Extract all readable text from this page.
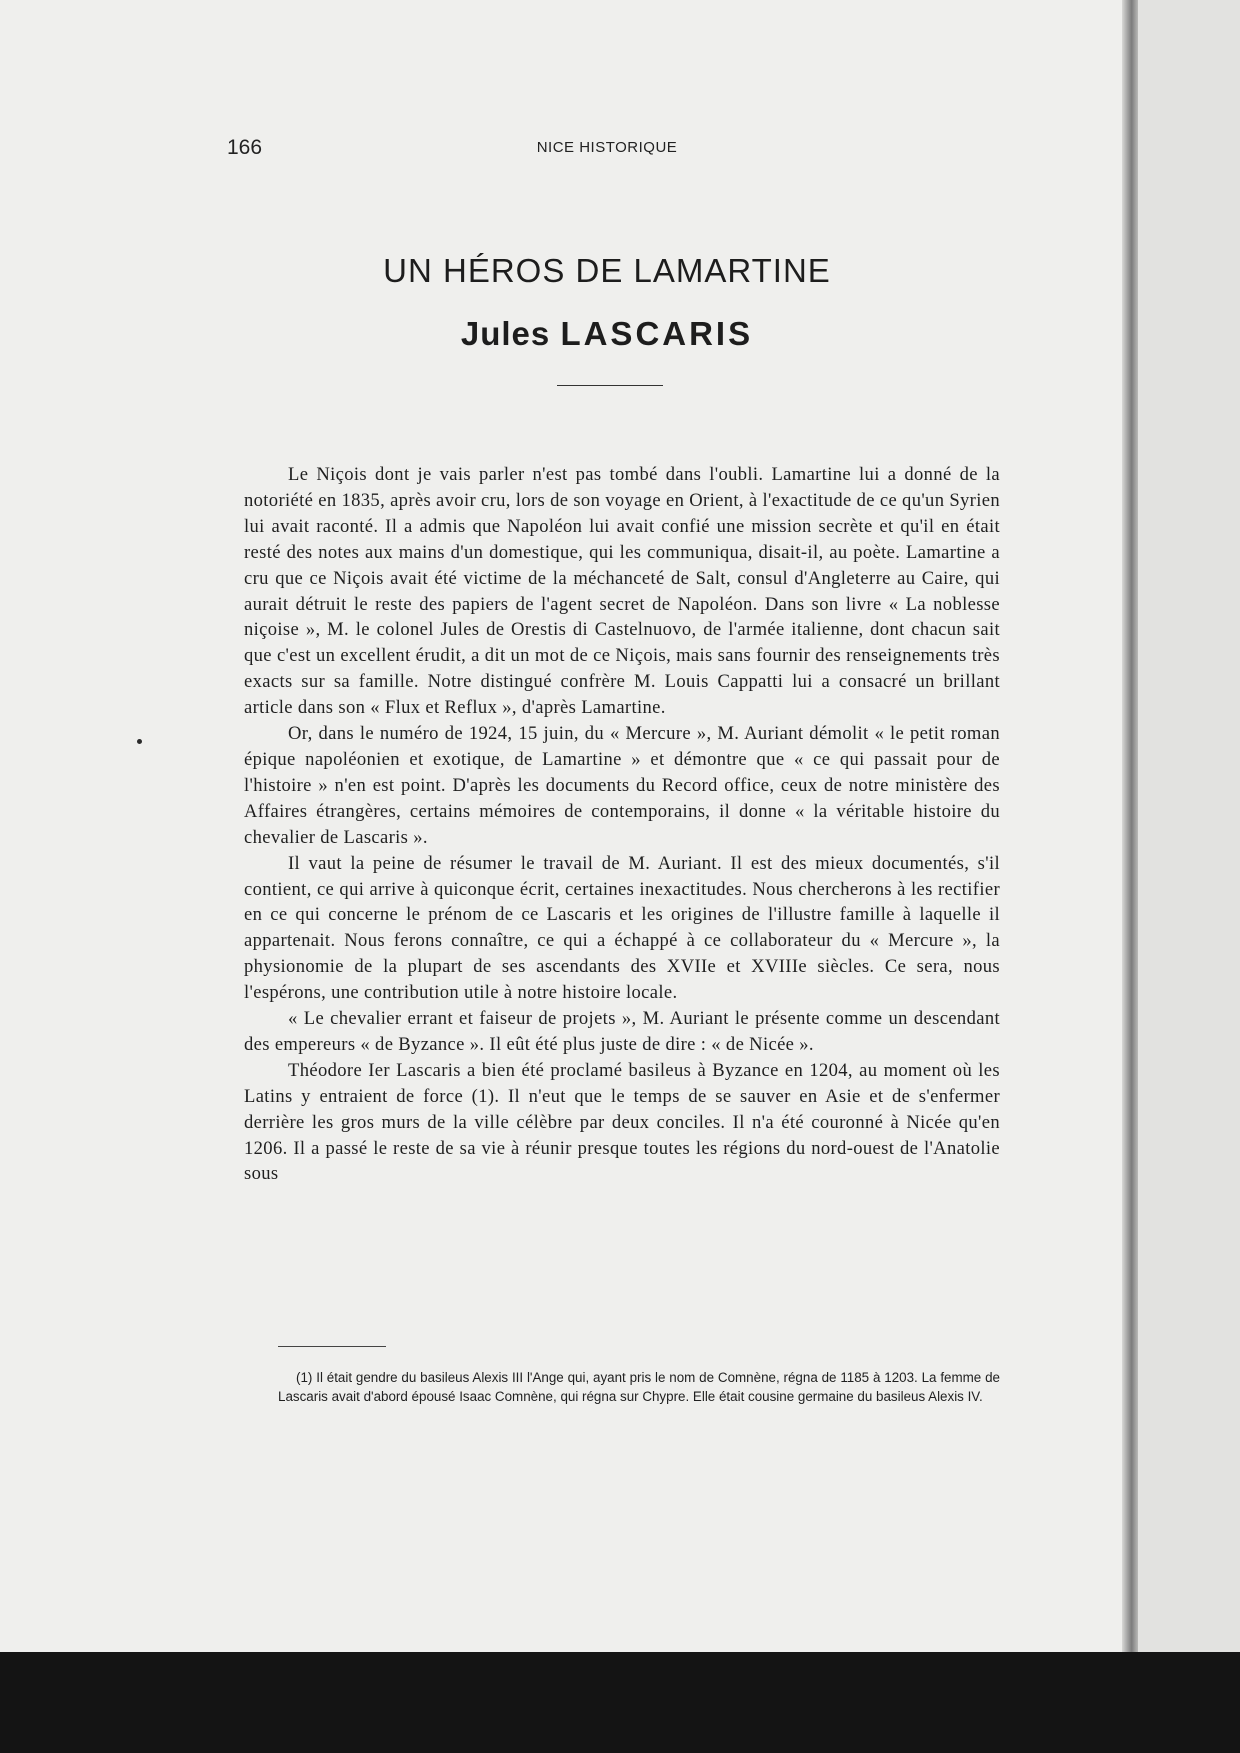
166	NICE HISTORIQUE
UN HÉROS DE LAMARTINE
Jules LASCARIS

Le Niçois dont je vais parler n'est pas tombé dans l'oubli. Lamartine lui a donné de la notoriété en 1835, après avoir cru, lors de son voyage en Orient, à l'exactitude de ce qu'un Syrien lui avait raconté. Il a admis que Napoléon lui avait confié une mission secrète et qu'il en était resté des notes aux mains d'un domestique, qui les communiqua, disait-il, au poète. Lamartine a cru que ce Niçois avait été victime de la méchanceté de Salt, consul d'Angleterre au Caire, qui aurait détruit le reste des papiers de l'agent secret de Napoléon. Dans son livre « La noblesse niçoise », M. le colonel Jules de Orestis di Castelnuovo, de l'armée italienne, dont chacun sait que c'est un excellent érudit, a dit un mot de ce Niçois, mais sans fournir des renseignements très exacts sur sa famille. Notre distingué confrère M. Louis Cappatti lui a consacré un brillant article dans son « Flux et Reflux », d'après Lamartine.

Or, dans le numéro de 1924, 15 juin, du « Mercure », M. Auriant démolit « le petit roman épique napoléonien et exotique, de Lamartine » et démontre que « ce qui passait pour de l'histoire » n'en est point. D'après les documents du Record office, ceux de notre ministère des Affaires étrangères, certains mémoires de contemporains, il donne « la véritable histoire du chevalier de Lascaris ».

Il vaut la peine de résumer le travail de M. Auriant. Il est des mieux documentés, s'il contient, ce qui arrive à quiconque écrit, certaines inexactitudes. Nous chercherons à les rectifier en ce qui concerne le prénom de ce Lascaris et les origines de l'illustre famille à laquelle il appartenait. Nous ferons connaître, ce qui a échappé à ce collaborateur du « Mercure », la physionomie de la plupart de ses ascendants des XVIIe et XVIIIe siècles. Ce sera, nous l'espérons, une contribution utile à notre histoire locale.

« Le chevalier errant et faiseur de projets », M. Auriant le présente comme un descendant des empereurs « de Byzance ». Il eût été plus juste de dire : « de Nicée ».

Théodore Ier Lascaris a bien été proclamé basileus à Byzance en 1204, au moment où les Latins y entraient de force (1). Il n'eut que le temps de se sauver en Asie et de s'enfermer derrière les gros murs de la ville célèbre par deux conciles. Il n'a été couronné à Nicée qu'en 1206. Il a passé le reste de sa vie à réunir presque toutes les régions du nord-ouest de l'Anatolie sous

(1) Il était gendre du basileus Alexis III l'Ange qui, ayant pris le nom de Comnène, régna de 1185 à 1203. La femme de Lascaris avait d'abord épousé Isaac Comnène, qui régna sur Chypre. Elle était cousine germaine du basileus Alexis IV.
